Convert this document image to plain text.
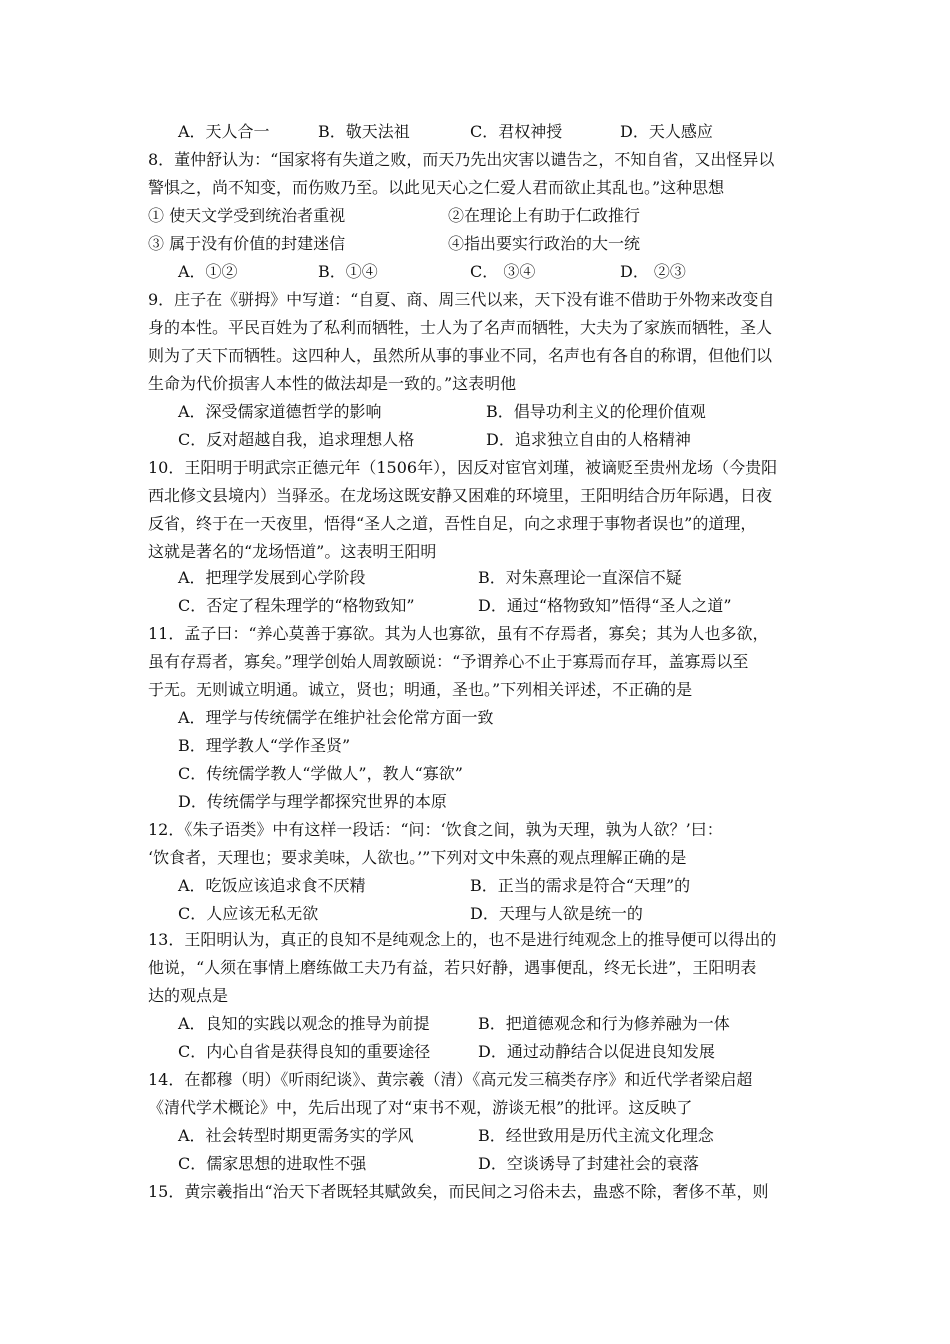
A．天人合一	B．敬天法祖	C．君权神授	D．天人感应
8．董仲舒认为：“国家将有失道之败，而天乃先出灾害以谴告之，不知自省，又出怪异以
警惧之，尚不知变，而伤败乃至。以此见天心之仁爱人君而欲止其乱也。”这种思想
① 使天文学受到统治者重视	②在理论上有助于仁政推行
③ 属于没有价值的封建迷信	④指出要实行政治的大一统
A．①②	B．①④	C． ③④	D． ②③
9．庄子在《骈拇》中写道：“自夏、商、周三代以来，天下没有谁不借助于外物来改变自
身的本性。平民百姓为了私利而牺牲，士人为了名声而牺牲，大夫为了家族而牺牲，圣人
则为了天下而牺牲。这四种人，虽然所从事的事业不同，名声也有各自的称谓，但他们以
生命为代价损害人本性的做法却是一致的。”这表明他
A．深受儒家道德哲学的影响	B．倡导功利主义的伦理价值观
C．反对超越自我，追求理想人格	D．追求独立自由的人格精神
10．王阳明于明武宗正德元年（1506年），因反对宦官刘瑾，被谪贬至贵州龙场（今贵阳
西北修文县境内）当驿丞。在龙场这既安静又困难的环境里，王阳明结合历年际遇，日夜
反省，终于在一天夜里，悟得“圣人之道，吾性自足，向之求理于事物者误也”的道理，
这就是著名的“龙场悟道”。这表明王阳明
A．把理学发展到心学阶段	B．对朱熹理论一直深信不疑
C．否定了程朱理学的“格物致知”	D．通过“格物致知”悟得“圣人之道”
11．孟子曰：“养心莫善于寡欲。其为人也寡欲，虽有不存焉者，寡矣；其为人也多欲，
虽有存焉者，寡矣。”理学创始人周敦颐说：“予谓养心不止于寡焉而存耳，盖寡焉以至
于无。无则诚立明通。诚立，贤也；明通，圣也。”下列相关评述，不正确的是
A．理学与传统儒学在维护社会伦常方面一致
B．理学教人“学作圣贤”
C．传统儒学教人“学做人”，教人“寡欲”
D．传统儒学与理学都探究世界的本原
12．《朱子语类》中有这样一段话：“问：‘饮食之间，孰为天理，孰为人欲？’曰：
‘饮食者，天理也；要求美味，人欲也。’”下列对文中朱熹的观点理解正确的是
A．吃饭应该追求食不厌精	B．正当的需求是符合“天理”的
C．人应该无私无欲	D．天理与人欲是统一的
13．王阳明认为，真正的良知不是纯观念上的，也不是进行纯观念上的推导便可以得出的
他说，“人须在事情上磨练做工夫乃有益，若只好静，遇事便乱，终无长进”，王阳明表
达的观点是
A．良知的实践以观念的推导为前提	B．把道德观念和行为修养融为一体
C．内心自省是获得良知的重要途径	D．通过动静结合以促进良知发展
14．在都穆（明）《听雨纪谈》、黄宗羲（清）《高元发三稿类存序》和近代学者梁启超
《清代学术概论》中，先后出现了对“束书不观，游谈无根”的批评。这反映了
A．社会转型时期更需务实的学风	B．经世致用是历代主流文化理念
C．儒家思想的进取性不强	D．空谈诱导了封建社会的衰落
15．黄宗羲指出“治天下者既轻其赋敛矣，而民间之习俗未去，蛊惑不除，奢侈不革，则
